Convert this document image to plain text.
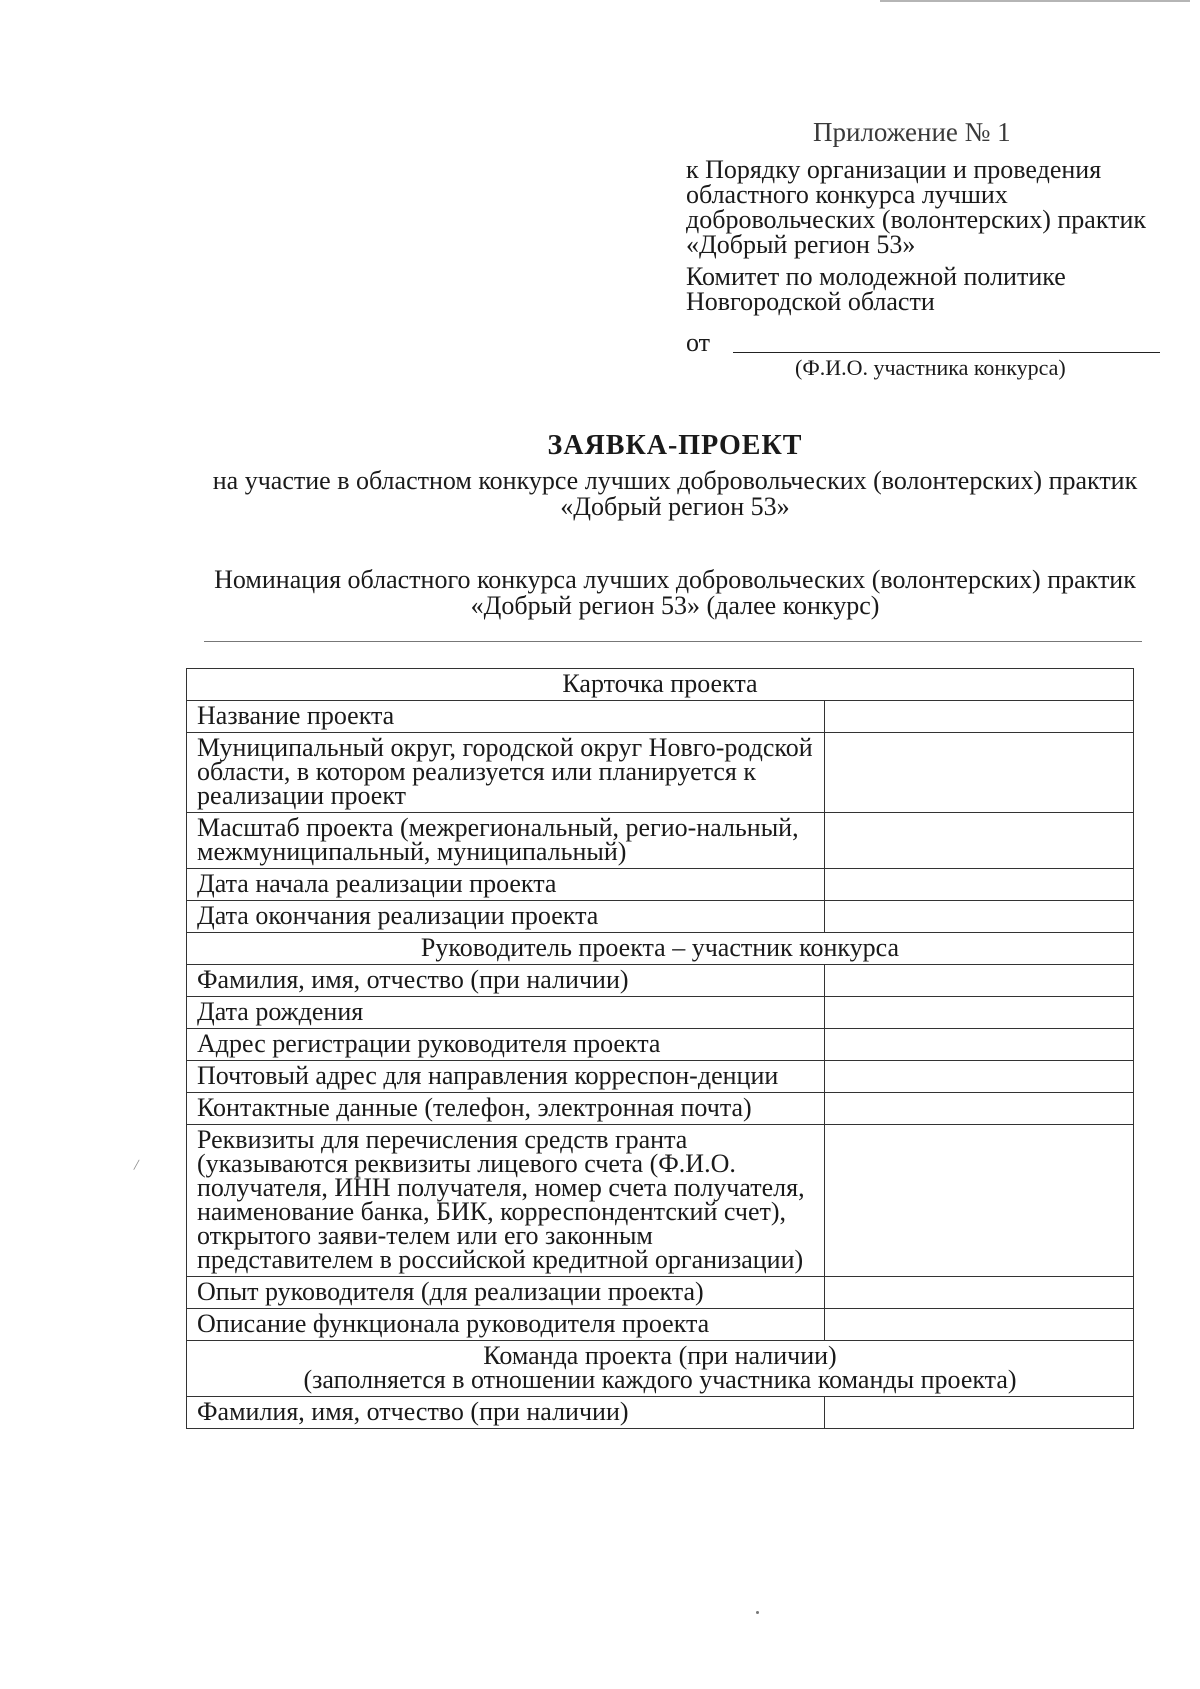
Приложение № 1
к Порядку организации и проведения областного конкурса лучших добровольческих (волонтерских) практик «Добрый регион 53»
Комитет по молодежной политике Новгородской области
от
(Ф.И.О. участника конкурса)
ЗАЯВКА-ПРОЕКТ
на участие в областном конкурсе лучших добровольческих (волонтерских) практик «Добрый регион 53»
Номинация областного конкурса лучших добровольческих (волонтерских) практик «Добрый регион 53» (далее конкурс)
Карточка проекта	
Название проекта	
Муниципальный округ, городской округ Новго-родской области, в котором реализуется или планируется к реализации проект	
Масштаб проекта (межрегиональный, регио-нальный, межмуниципальный, муниципальный)	
Дата начала реализации проекта	
Дата окончания реализации проекта	
Руководитель проекта – участник конкурса	
Фамилия, имя, отчество (при наличии)	
Дата рождения	
Адрес регистрации руководителя проекта	
Почтовый адрес для направления корреспон-денции	
Контактные данные (телефон, электронная почта)	
Реквизиты для перечисления средств гранта (указываются реквизиты лицевого счета (Ф.И.О. получателя, ИНН получателя, номер счета получателя, наименование банка, БИК, корреспондентский счет), открытого заяви-телем или его законным представителем в российской кредитной организации)	
Опыт руководителя (для реализации проекта)	
Описание функционала руководителя проекта	

Команда проекта (при наличии)
(заполняется в отношении каждого участника команды проекта)	

Фамилия, имя, отчество (при наличии)	
/
